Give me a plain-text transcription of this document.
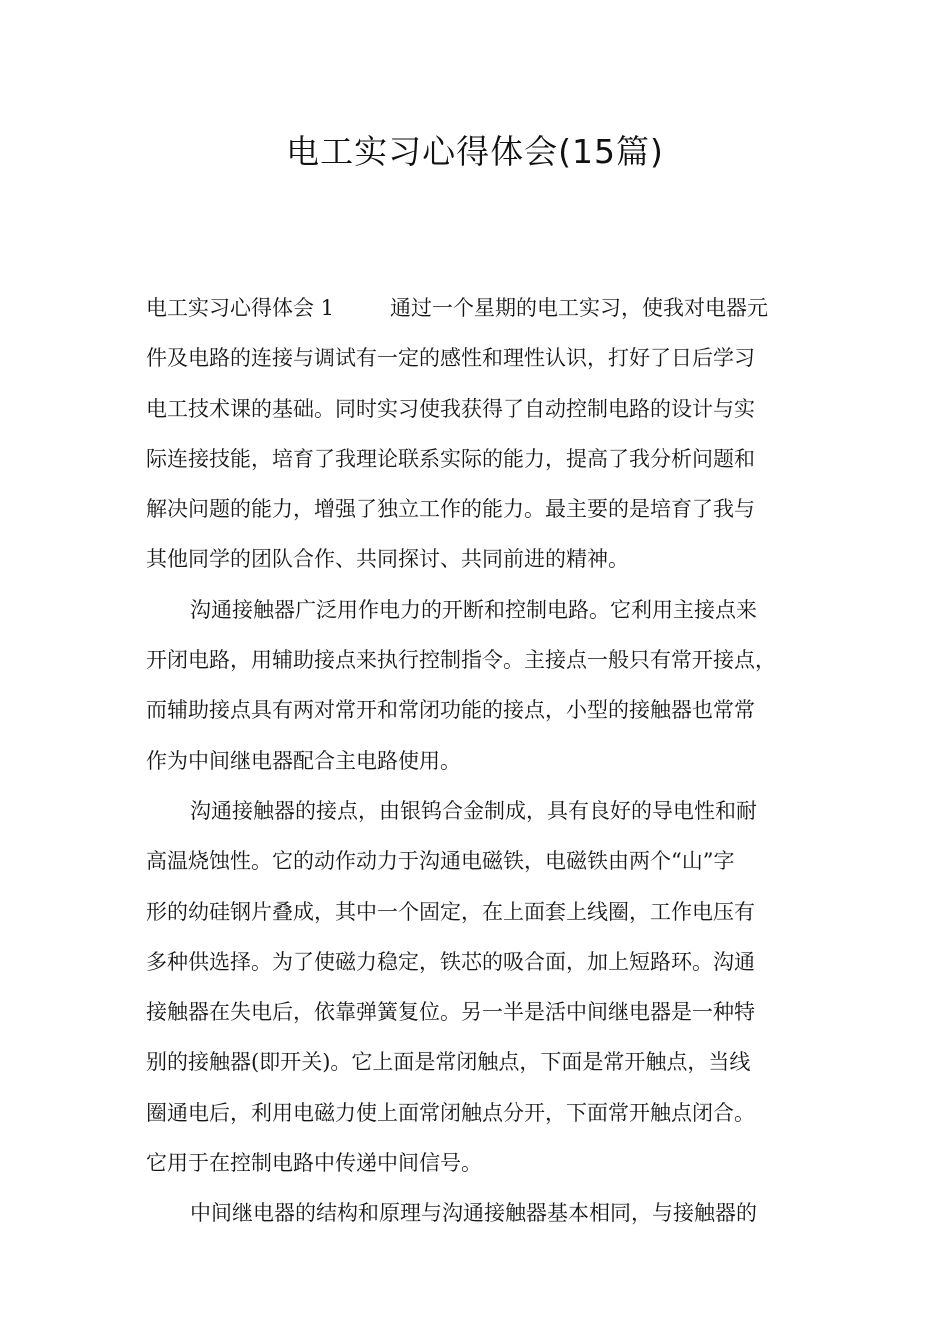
电工实习心得体会(15篇)
电工实习心得体会 1	通过一个星期的电工实习，使我对电器元
件及电路的连接与调试有一定的感性和理性认识，打好了日后学习
电工技术课的基础。同时实习使我获得了自动控制电路的设计与实
际连接技能，培育了我理论联系实际的能力，提高了我分析问题和
解决问题的能力，增强了独立工作的能力。最主要的是培育了我与
其他同学的团队合作、共同探讨、共同前进的精神。
沟通接触器广泛用作电力的开断和控制电路。它利用主接点来
开闭电路，用辅助接点来执行控制指令。主接点一般只有常开接点，
而辅助接点具有两对常开和常闭功能的接点，小型的接触器也常常
作为中间继电器配合主电路使用。
沟通接触器的接点，由银钨合金制成，具有良好的导电性和耐
高温烧蚀性。它的动作动力于沟通电磁铁，电磁铁由两个“山”字
形的幼硅钢片叠成，其中一个固定，在上面套上线圈，工作电压有
多种供选择。为了使磁力稳定，铁芯的吸合面，加上短路环。沟通
接触器在失电后，依靠弹簧复位。另一半是活中间继电器是一种特
别的接触器(即开关)。它上面是常闭触点，下面是常开触点，当线
圈通电后，利用电磁力使上面常闭触点分开，下面常开触点闭合。
它用于在控制电路中传递中间信号。
中间继电器的结构和原理与沟通接触器基本相同，与接触器的
